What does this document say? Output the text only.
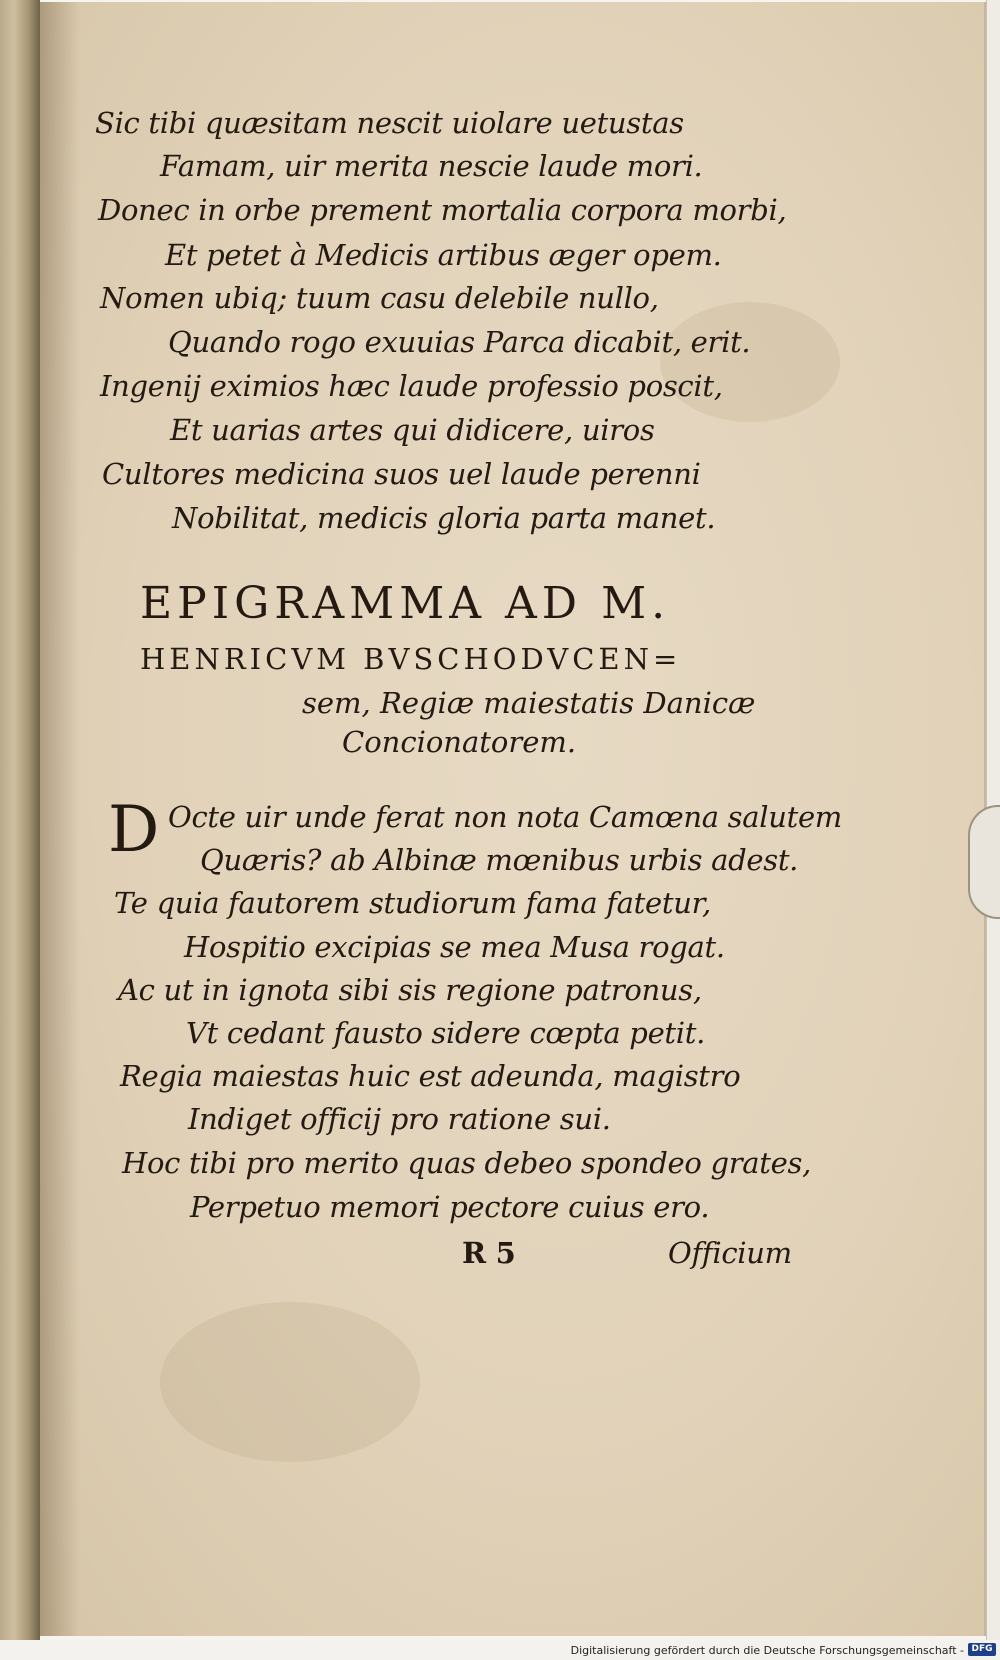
Sic tibi quæsitam nescit uiolare uetustas
Famam, uir merita nescie laude mori.
Donec in orbe prement mortalia corpora morbi,
Et petet à Medicis artibus æger opem.
Nomen ubiq; tuum casu delebile nullo,
Quando rogo exuuias Parca dicabit, erit.
Ingenij eximios hæc laude professio poscit,
Et uarias artes qui didicere, uiros
Cultores medicina suos uel laude perenni
Nobilitat, medicis gloria parta manet.
EPIGRAMMA AD M.
HENRICVM BVSCHODVCEN=
sem, Regiæ maiestatis Danicæ
Concionatorem.
D Octe uir unde ferat non nota Camœna salutem
Quæris? ab Albinæ mœnibus urbis adest.
Te quia fautorem studiorum fama fatetur,
Hospitio excipias se mea Musa rogat.
Ac ut in ignota sibi sis regione patronus,
Vt cedant fausto sidere cœpta petit.
Regia maiestas huic est adeunda, magistro
Indiget officij pro ratione sui.
Hoc tibi pro merito quas debeo spondeo grates,
Perpetuo memori pectore cuius ero.
R 5	Officium
Digitalisierung gefördert durch die Deutsche Forschungsgemeinschaft - DFG
